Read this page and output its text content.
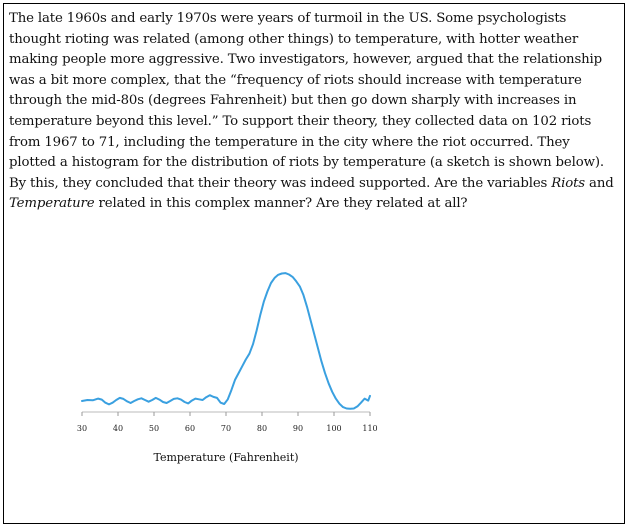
The late 1960s and early 1970s were years of turmoil in the US. Some psychologists thought rioting was related (among other things) to temperature, with hotter weather making people more aggressive. Two investigators, however, argued that the relationship was a bit more complex, that the “frequency of riots should increase with temperature through the mid-80s (degrees Fahrenheit) but then go down sharply with increases in temperature beyond this level.” To support their theory, they collected data on 102 riots from 1967 to 71, including the temperature in the city where the riot occurred. They plotted a histogram for the distribution of riots by temperature (a sketch is shown below). By this, they concluded that their theory was indeed supported. Are the variables Riots and Temperature related in this complex manner? Are they related at all?

30	40	50	60	70	80	90	100	110
Temperature (Fahrenheit)
